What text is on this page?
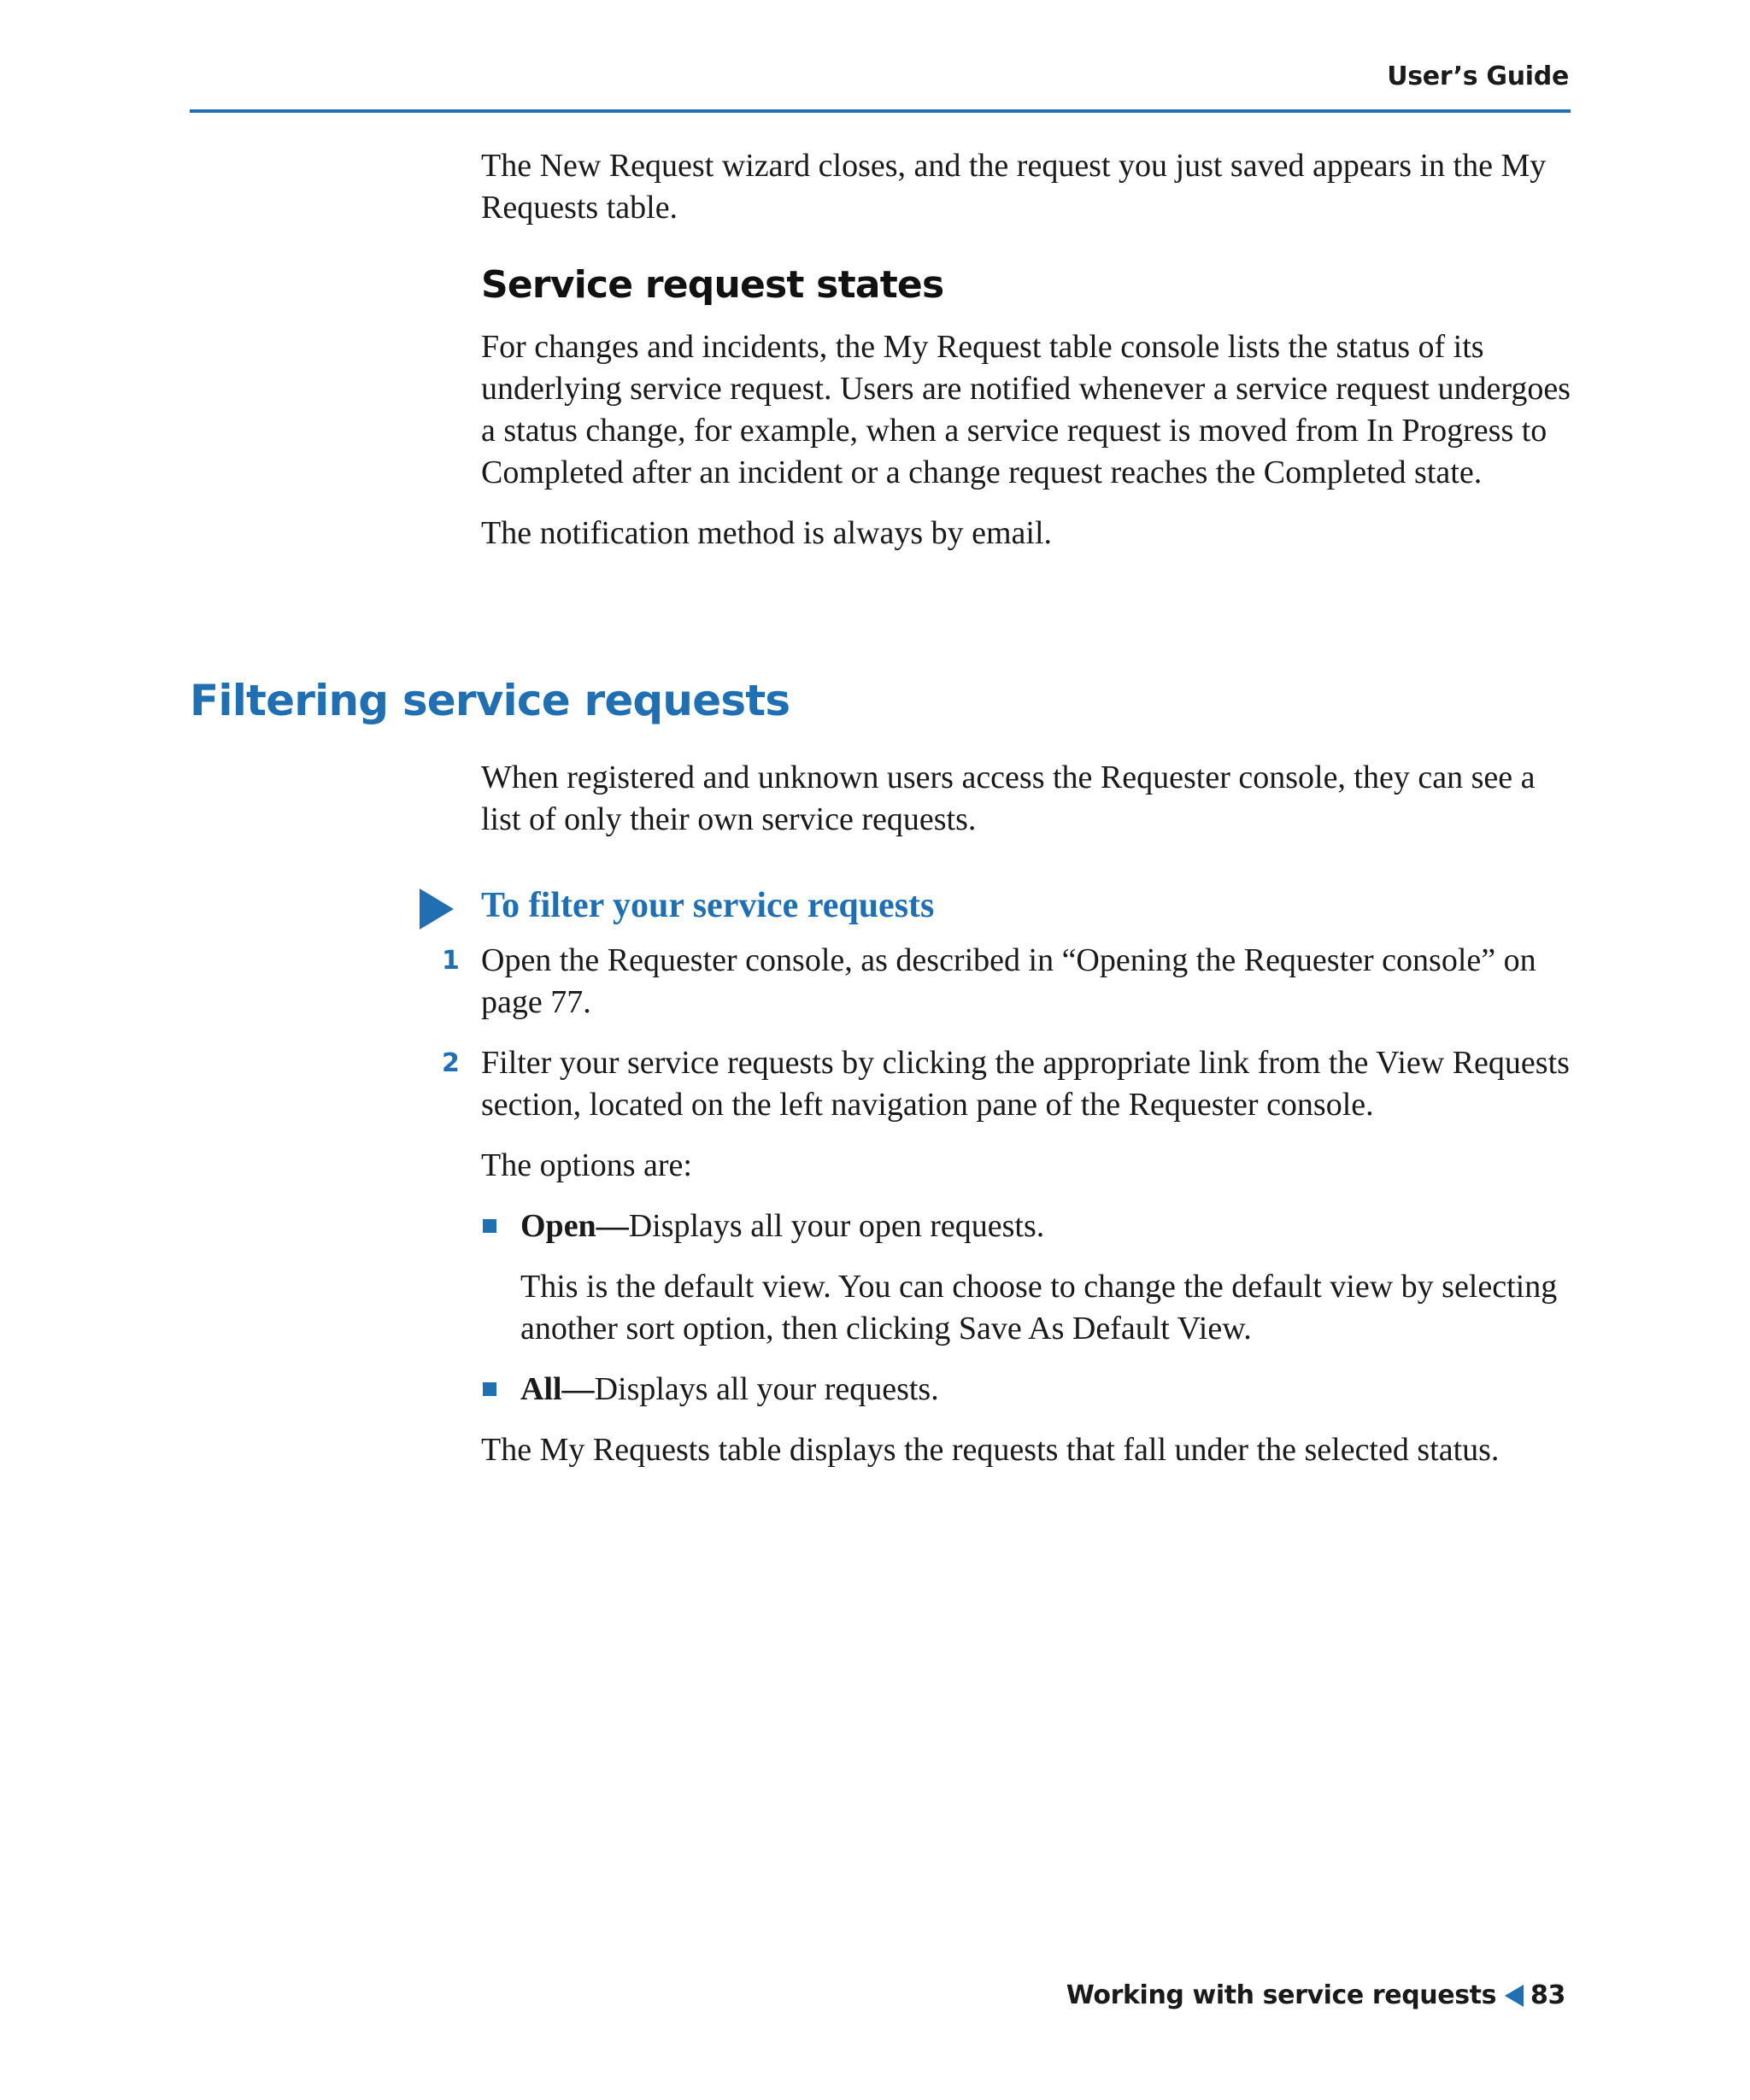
User’s Guide

The New Request wizard closes, and the request you just saved appears in the My Requests table.

Service request states

For changes and incidents, the My Request table console lists the status of its underlying service request. Users are notified whenever a service request undergoes a status change, for example, when a service request is moved from In Progress to Completed after an incident or a change request reaches the Completed state.

The notification method is always by email.

Filtering service requests

When registered and unknown users access the Requester console, they can see a list of only their own service requests.

To filter your service requests
1 Open the Requester console, as described in “Opening the Requester console” on page 77.
2 Filter your service requests by clicking the appropriate link from the View Requests section, located on the left navigation pane of the Requester console.

The options are:

Open—Displays all your open requests.

This is the default view. You can choose to change the default view by selecting another sort option, then clicking Save As Default View.

All—Displays all your requests.

The My Requests table displays the requests that fall under the selected status.

Working with service requests 83
